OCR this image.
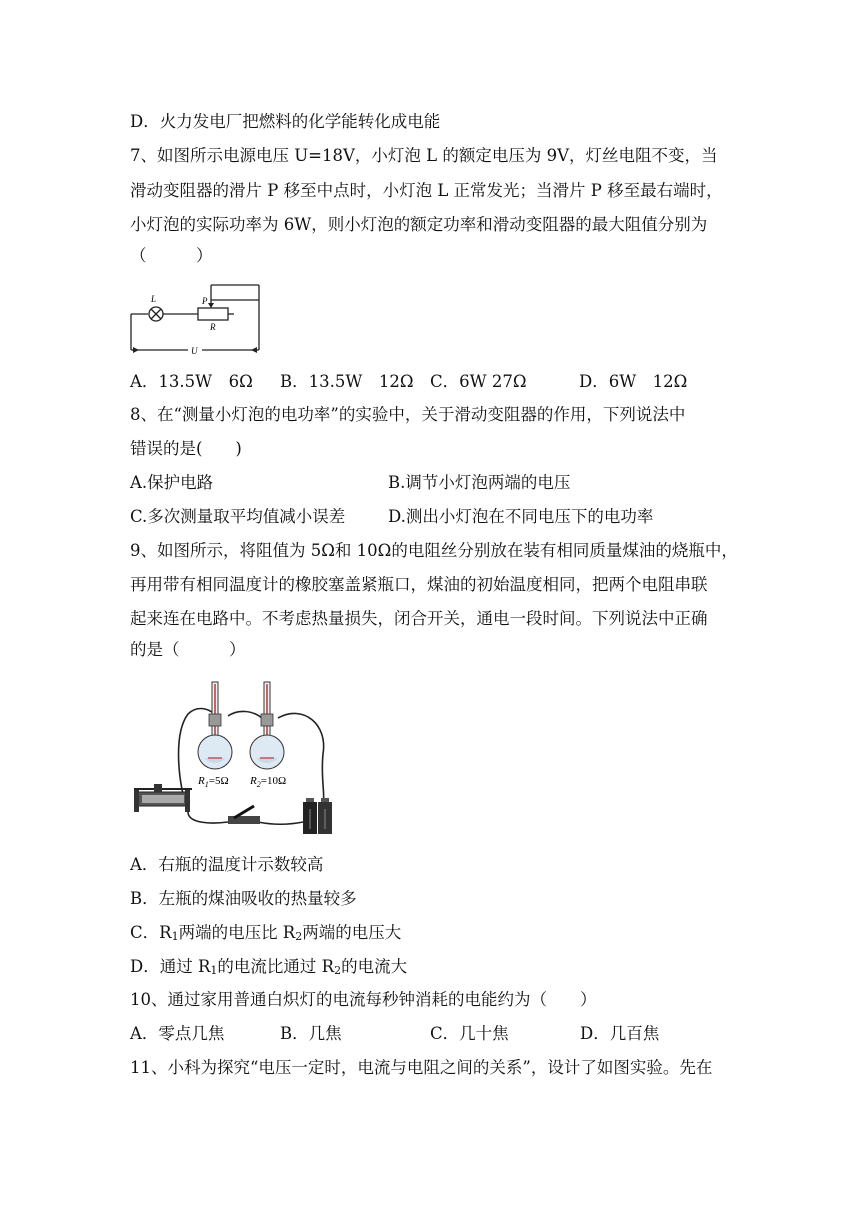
D．火力发电厂把燃料的化学能转化成电能
7、如图所示电源电压 U=18V，小灯泡 L 的额定电压为 9V，灯丝电阻不变，当
滑动变阻器的滑片 P 移至中点时，小灯泡 L 正常发光；当滑片 P 移至最右端时，
小灯泡的实际功率为 6W，则小灯泡的额定功率和滑动变阻器的最大阻值分别为
（　　　）
L	P
R
U
A．13.5W　6Ω B．13.5W　12Ω C．6W 27Ω	D．6W　12Ω
8、在“测量小灯泡的电功率”的实验中，关于滑动变阻器的作用，下列说法中
错误的是(　　)
A.保护电路	B.调节小灯泡两端的电压
C.多次测量取平均值减小误差	D.测出小灯泡在不同电压下的电功率
9、如图所示，将阻值为 5Ω和 10Ω的电阻丝分别放在装有相同质量煤油的烧瓶中，
再用带有相同温度计的橡胶塞盖紧瓶口，煤油的初始温度相同，把两个电阻串联
起来连在电路中。不考虑热量损失，闭合开关，通电一段时间。下列说法中正确
的是（　　　）
$R_1=5\Omega$ $R_2=10\Omega$
A．右瓶的温度计示数较高
B．左瓶的煤油吸收的热量较多
C．$R_1$两端的电压比 $R_2$两端的电压大
D．通过 $R_1$的电流比通过 $R_2$的电流大
10、通过家用普通白炽灯的电流每秒钟消耗的电能约为（　　）
A．零点几焦	B．几焦	C．几十焦	D．几百焦
11、小科为探究“电压一定时，电流与电阻之间的关系”，设计了如图实验。先在
